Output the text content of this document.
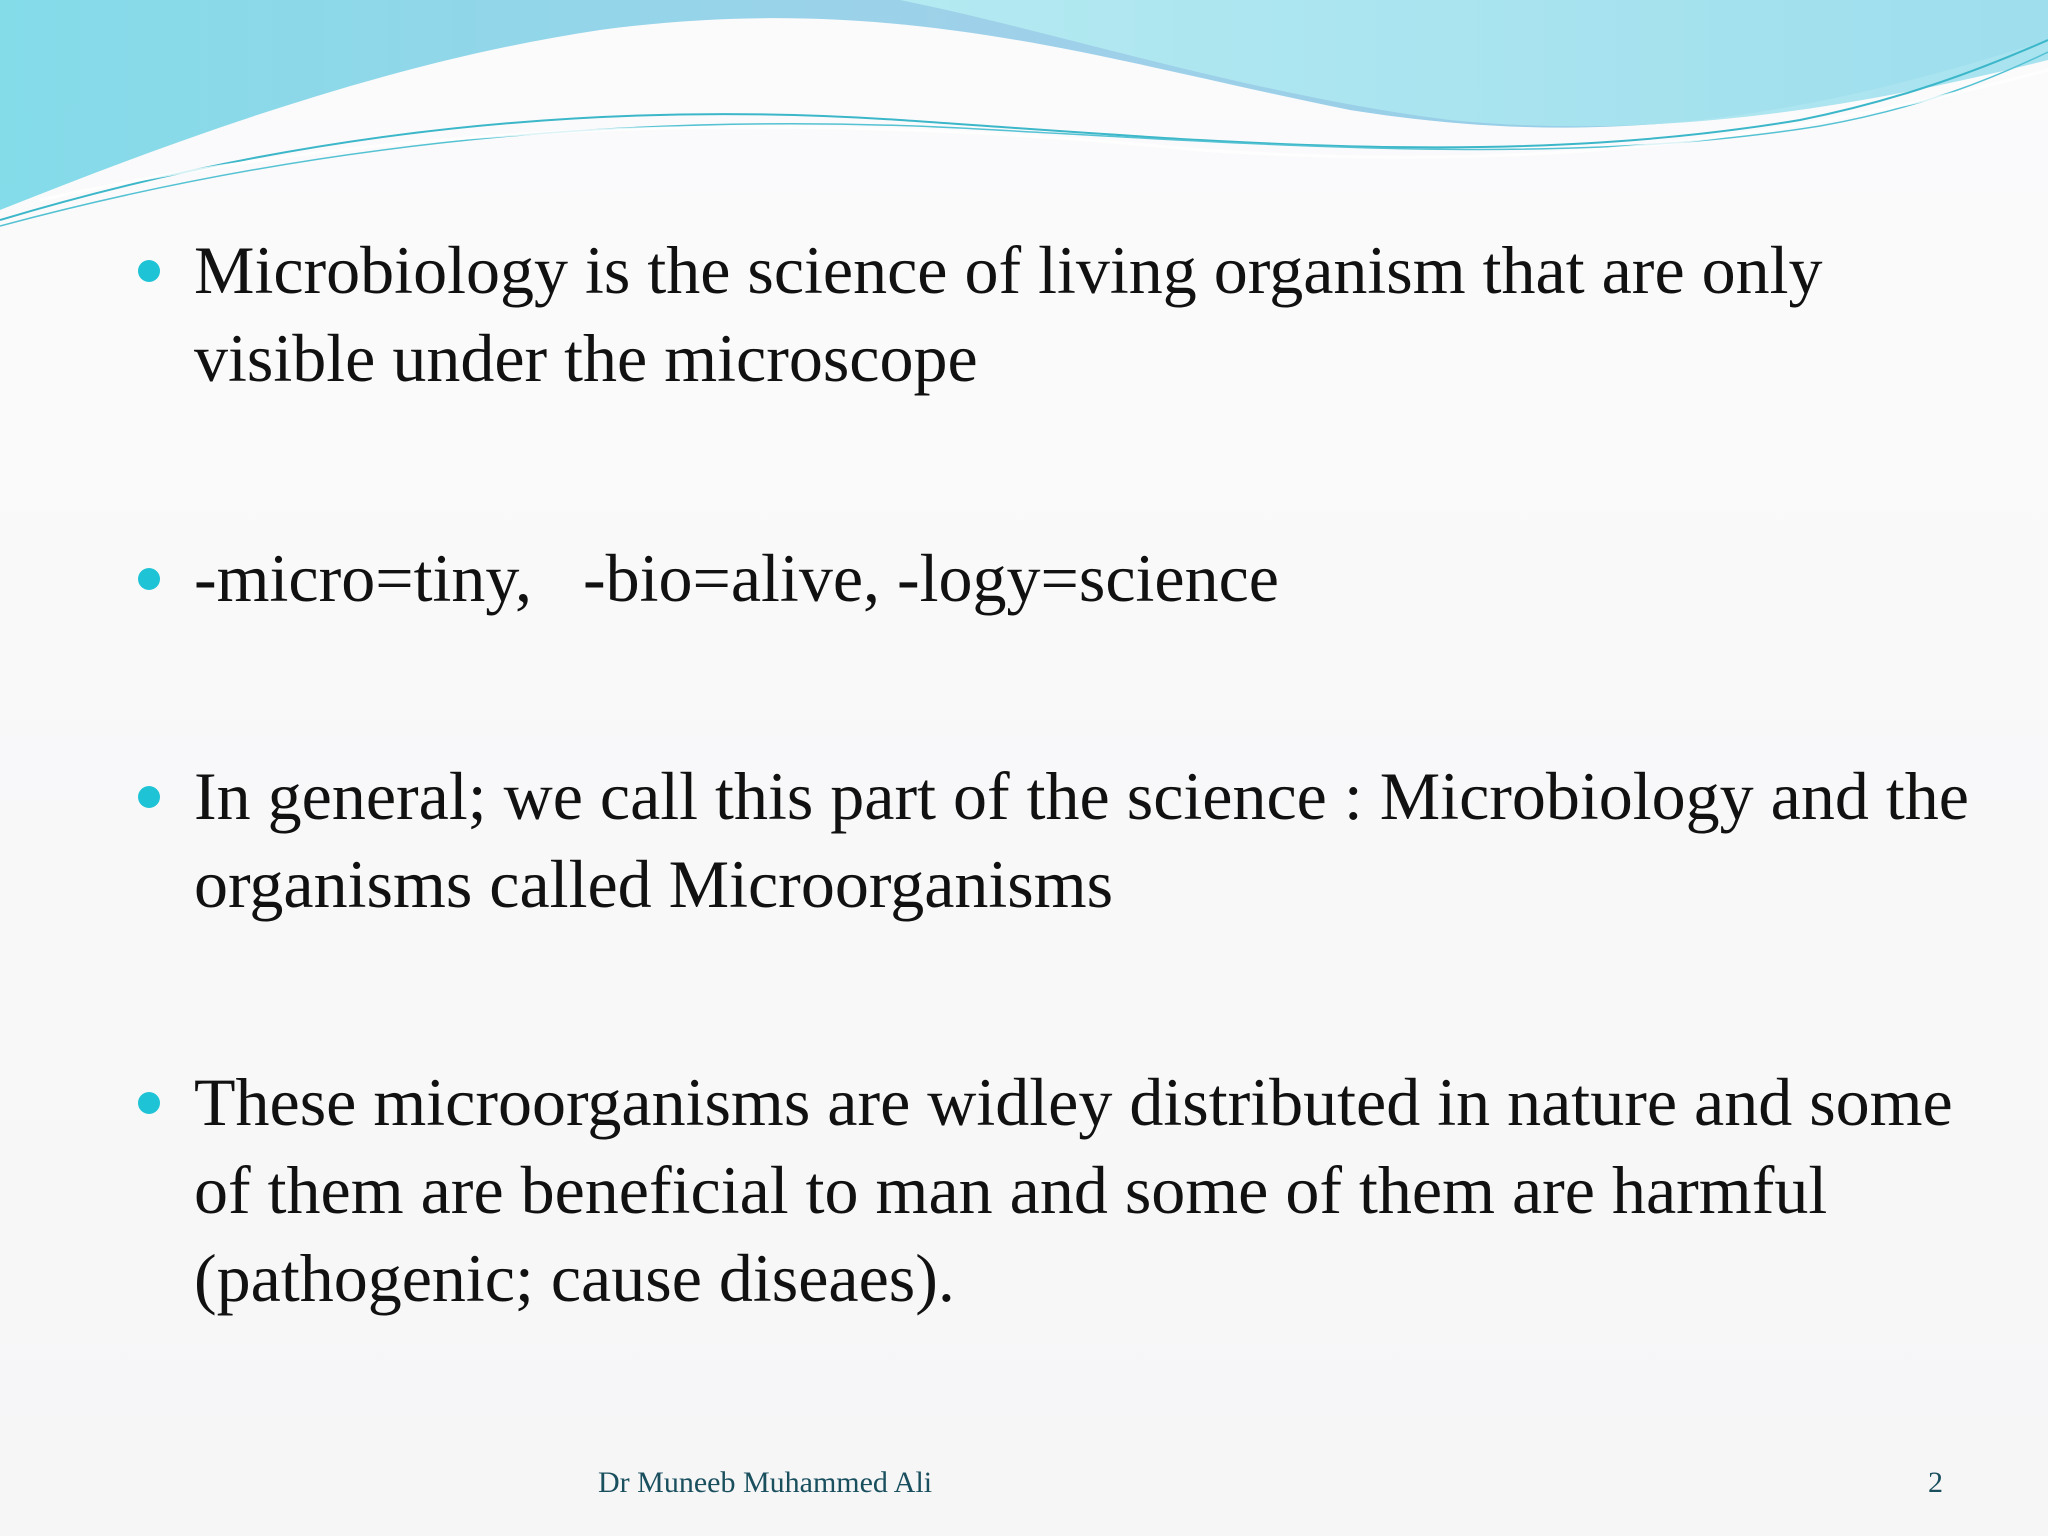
Microbiology is the science of living organism that are only visible under the microscope
-micro=tiny,   -bio=alive, -logy=science
In general; we call this part of the science : Microbiology and the organisms called Microorganisms
These microorganisms are widley distributed in nature and some of them are beneficial to man and some of them are harmful (pathogenic; cause diseaes).
Dr Muneeb Muhammed Ali	2
